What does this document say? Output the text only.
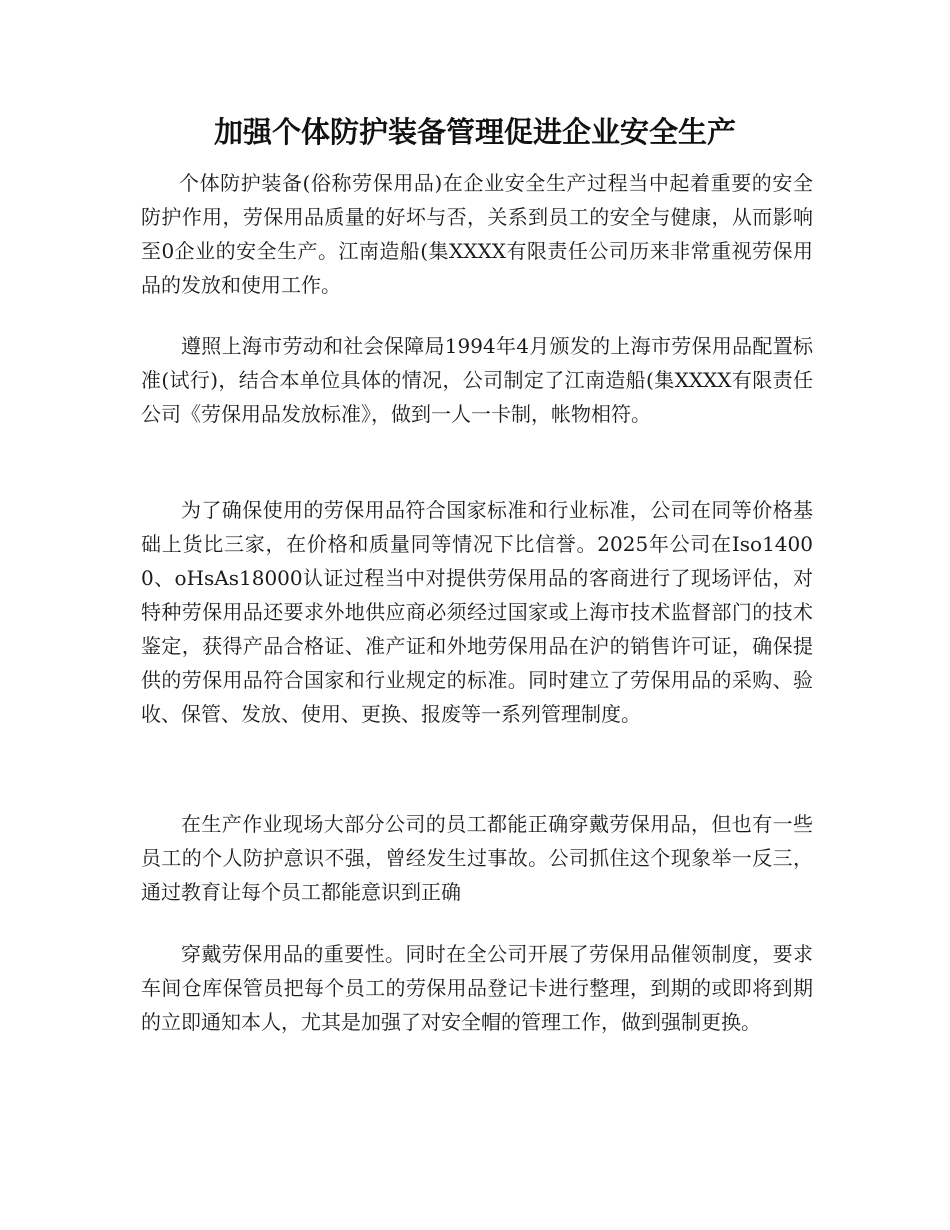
加强个体防护装备管理促进企业安全生产

个体防护装备(俗称劳保用品)在企业安全生产过程当中起着重要的安全防护作用，劳保用品质量的好坏与否，关系到员工的安全与健康，从而影响至0企业的安全生产。江南造船(集XXXX有限责任公司历来非常重视劳保用品的发放和使用工作。

遵照上海市劳动和社会保障局1994年4月颁发的上海市劳保用品配置标准(试行)，结合本单位具体的情况，公司制定了江南造船(集XXXX有限责任公司《劳保用品发放标准》，做到一人一卡制，帐物相符。

为了确保使用的劳保用品符合国家标准和行业标准，公司在同等价格基础上货比三家，在价格和质量同等情况下比信誉。2025年公司在Iso14000、oHsAs18000认证过程当中对提供劳保用品的客商进行了现场评估，对特种劳保用品还要求外地供应商必须经过国家或上海市技术监督部门的技术鉴定，获得产品合格证、准产证和外地劳保用品在沪的销售许可证，确保提供的劳保用品符合国家和行业规定的标准。同时建立了劳保用品的采购、验收、保管、发放、使用、更换、报废等一系列管理制度。

在生产作业现场大部分公司的员工都能正确穿戴劳保用品，但也有一些员工的个人防护意识不强，曾经发生过事故。公司抓住这个现象举一反三，通过教育让每个员工都能意识到正确

穿戴劳保用品的重要性。同时在全公司开展了劳保用品催领制度，要求车间仓库保管员把每个员工的劳保用品登记卡进行整理，到期的或即将到期的立即通知本人，尤其是加强了对安全帽的管理工作，做到强制更换。
